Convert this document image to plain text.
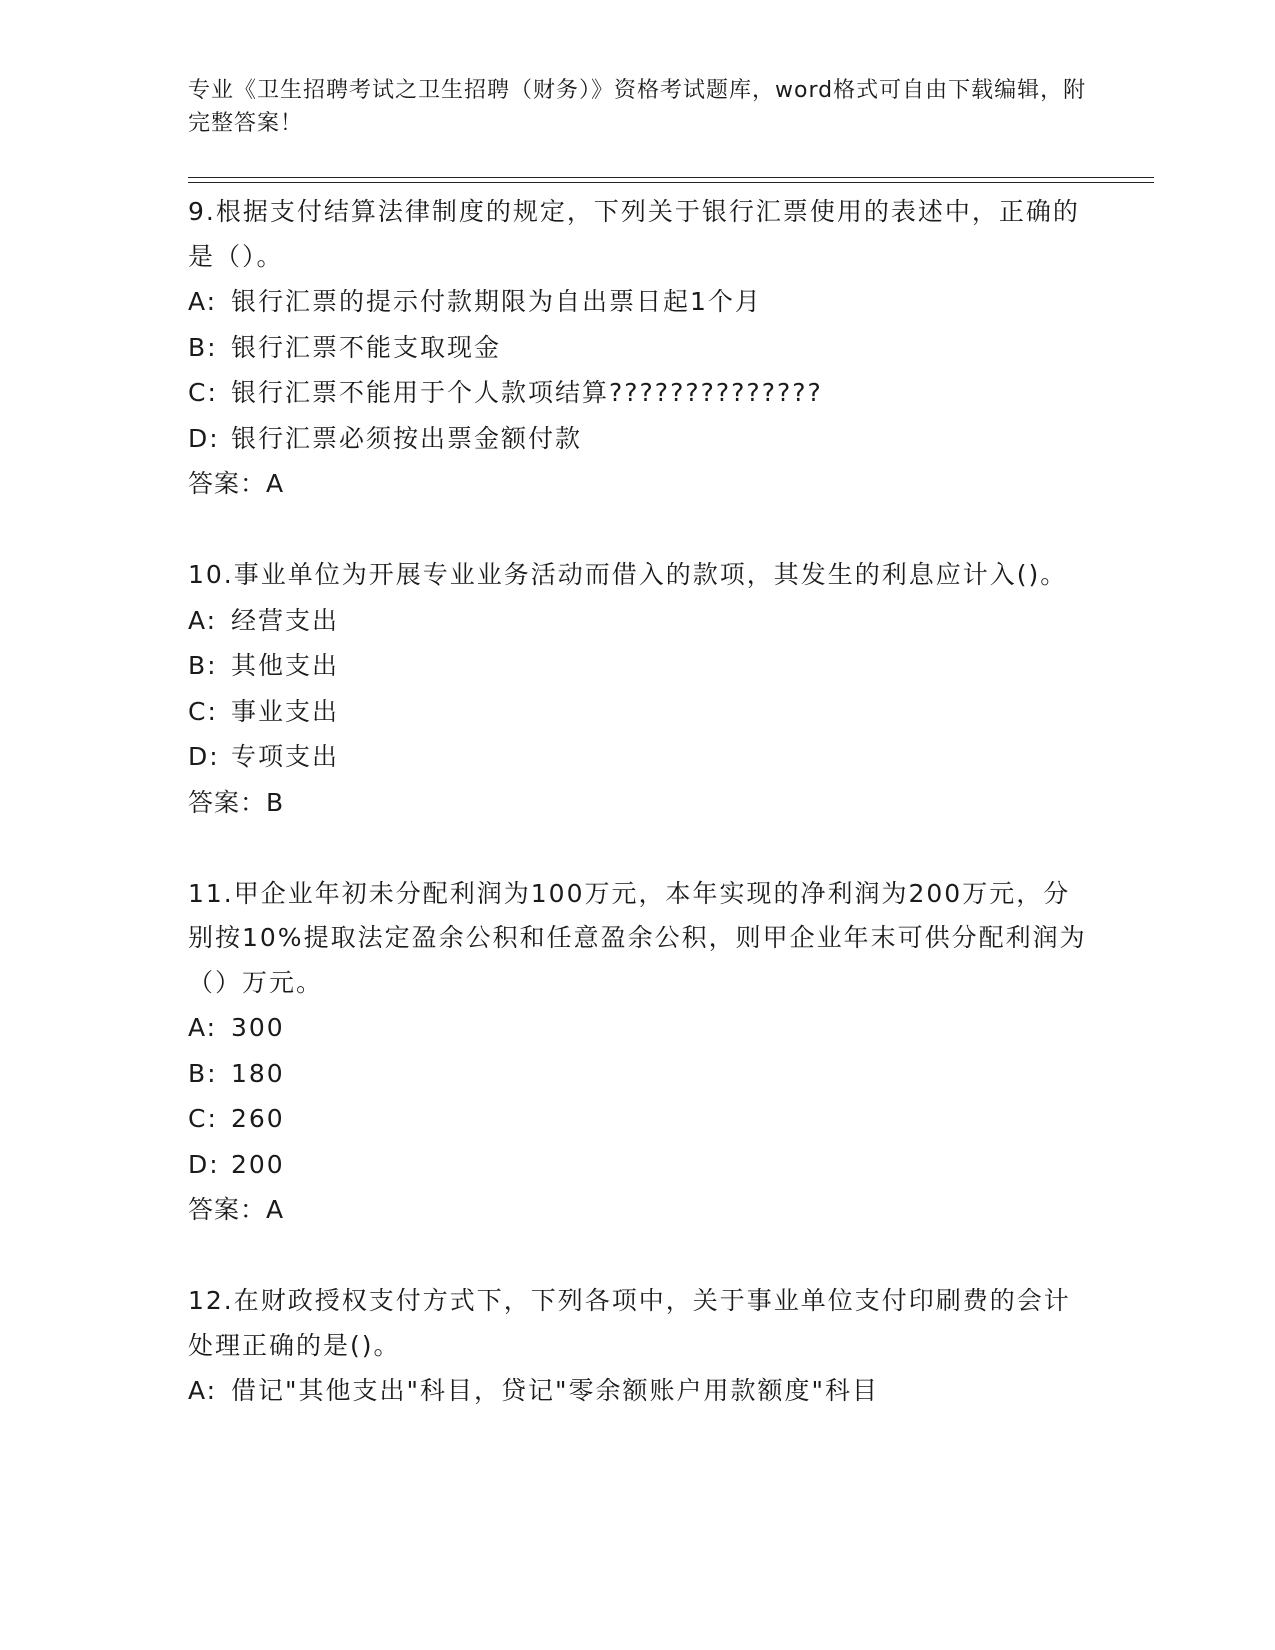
专业《卫生招聘考试之卫生招聘（财务）》资格考试题库，word格式可自由下载编辑，附完整答案！
9.根据支付结算法律制度的规定，下列关于银行汇票使用的表述中，正确的是（）。
A: 银行汇票的提示付款期限为自出票日起1个月
B: 银行汇票不能支取现金
C: 银行汇票不能用于个人款项结算??????????????
D: 银行汇票必须按出票金额付款
答案：A
10.事业单位为开展专业业务活动而借入的款项，其发生的利息应计入()。
A: 经营支出
B: 其他支出
C: 事业支出
D: 专项支出
答案：B
11.甲企业年初未分配利润为100万元，本年实现的净利润为200万元，分别按10%提取法定盈余公积和任意盈余公积，则甲企业年末可供分配利润为（）万元。
A: 300
B: 180
C: 260
D: 200
答案：A
12.在财政授权支付方式下，下列各项中，关于事业单位支付印刷费的会计处理正确的是()。
A: 借记"其他支出"科目，贷记"零余额账户用款额度"科目
